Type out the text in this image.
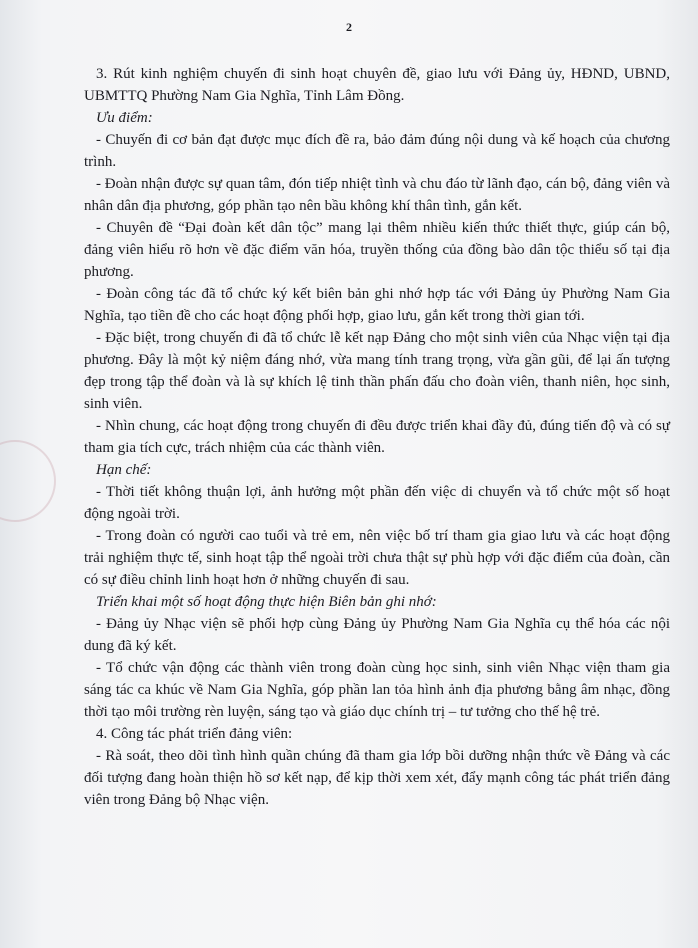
2

3. Rút kinh nghiệm chuyến đi sinh hoạt chuyên đề, giao lưu với Đảng ủy, HĐND, UBND, UBMTTQ Phường Nam Gia Nghĩa, Tỉnh Lâm Đồng.

Ưu điểm:

- Chuyến đi cơ bản đạt được mục đích đề ra, bảo đảm đúng nội dung và kế hoạch của chương trình.

- Đoàn nhận được sự quan tâm, đón tiếp nhiệt tình và chu đáo từ lãnh đạo, cán bộ, đảng viên và nhân dân địa phương, góp phần tạo nên bầu không khí thân tình, gắn kết.

- Chuyên đề “Đại đoàn kết dân tộc” mang lại thêm nhiều kiến thức thiết thực, giúp cán bộ, đảng viên hiểu rõ hơn về đặc điểm văn hóa, truyền thống của đồng bào dân tộc thiểu số tại địa phương.

- Đoàn công tác đã tổ chức ký kết biên bản ghi nhớ hợp tác với Đảng ủy Phường Nam Gia Nghĩa, tạo tiền đề cho các hoạt động phối hợp, giao lưu, gắn kết trong thời gian tới.

- Đặc biệt, trong chuyến đi đã tổ chức lễ kết nạp Đảng cho một sinh viên của Nhạc viện tại địa phương. Đây là một kỷ niệm đáng nhớ, vừa mang tính trang trọng, vừa gần gũi, để lại ấn tượng đẹp trong tập thể đoàn và là sự khích lệ tinh thần phấn đấu cho đoàn viên, thanh niên, học sinh, sinh viên.

- Nhìn chung, các hoạt động trong chuyến đi đều được triển khai đầy đủ, đúng tiến độ và có sự tham gia tích cực, trách nhiệm của các thành viên.

Hạn chế:

- Thời tiết không thuận lợi, ảnh hưởng một phần đến việc di chuyển và tổ chức một số hoạt động ngoài trời.

- Trong đoàn có người cao tuổi và trẻ em, nên việc bố trí tham gia giao lưu và các hoạt động trải nghiệm thực tế, sinh hoạt tập thể ngoài trời chưa thật sự phù hợp với đặc điểm của đoàn, cần có sự điều chỉnh linh hoạt hơn ở những chuyến đi sau.

Triển khai một số hoạt động thực hiện Biên bản ghi nhớ:

- Đảng ủy Nhạc viện sẽ phối hợp cùng Đảng ủy Phường Nam Gia Nghĩa cụ thể hóa các nội dung đã ký kết.

- Tổ chức vận động các thành viên trong đoàn cùng học sinh, sinh viên Nhạc viện tham gia sáng tác ca khúc về Nam Gia Nghĩa, góp phần lan tỏa hình ảnh địa phương bằng âm nhạc, đồng thời tạo môi trường rèn luyện, sáng tạo và giáo dục chính trị – tư tưởng cho thế hệ trẻ.

4. Công tác phát triển đảng viên:

- Rà soát, theo dõi tình hình quần chúng đã tham gia lớp bồi dưỡng nhận thức về Đảng và các đối tượng đang hoàn thiện hồ sơ kết nạp, để kịp thời xem xét, đẩy mạnh công tác phát triển đảng viên trong Đảng bộ Nhạc viện.
